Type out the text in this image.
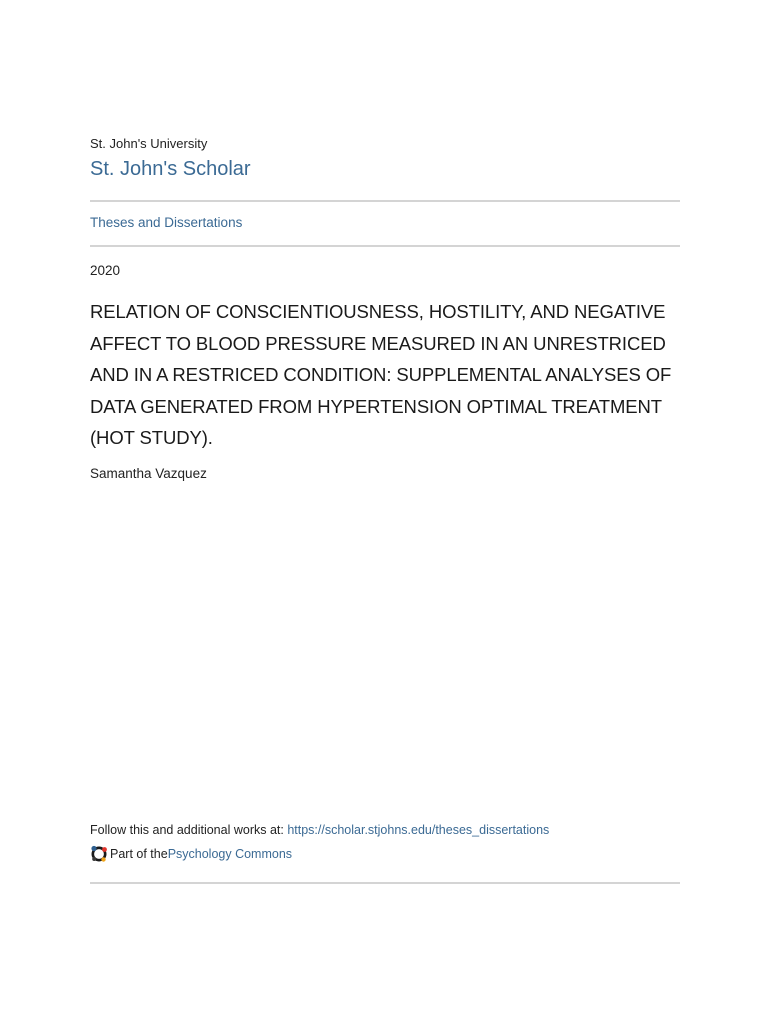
St. John's University
St. John's Scholar
Theses and Dissertations
2020
RELATION OF CONSCIENTIOUSNESS, HOSTILITY, AND NEGATIVE AFFECT TO BLOOD PRESSURE MEASURED IN AN UNRESTRICED AND IN A RESTRICED CONDITION: SUPPLEMENTAL ANALYSES OF DATA GENERATED FROM HYPERTENSION OPTIMAL TREATMENT (HOT STUDY).
Samantha Vazquez
Follow this and additional works at: https://scholar.stjohns.edu/theses_dissertations
Part of the Psychology Commons
